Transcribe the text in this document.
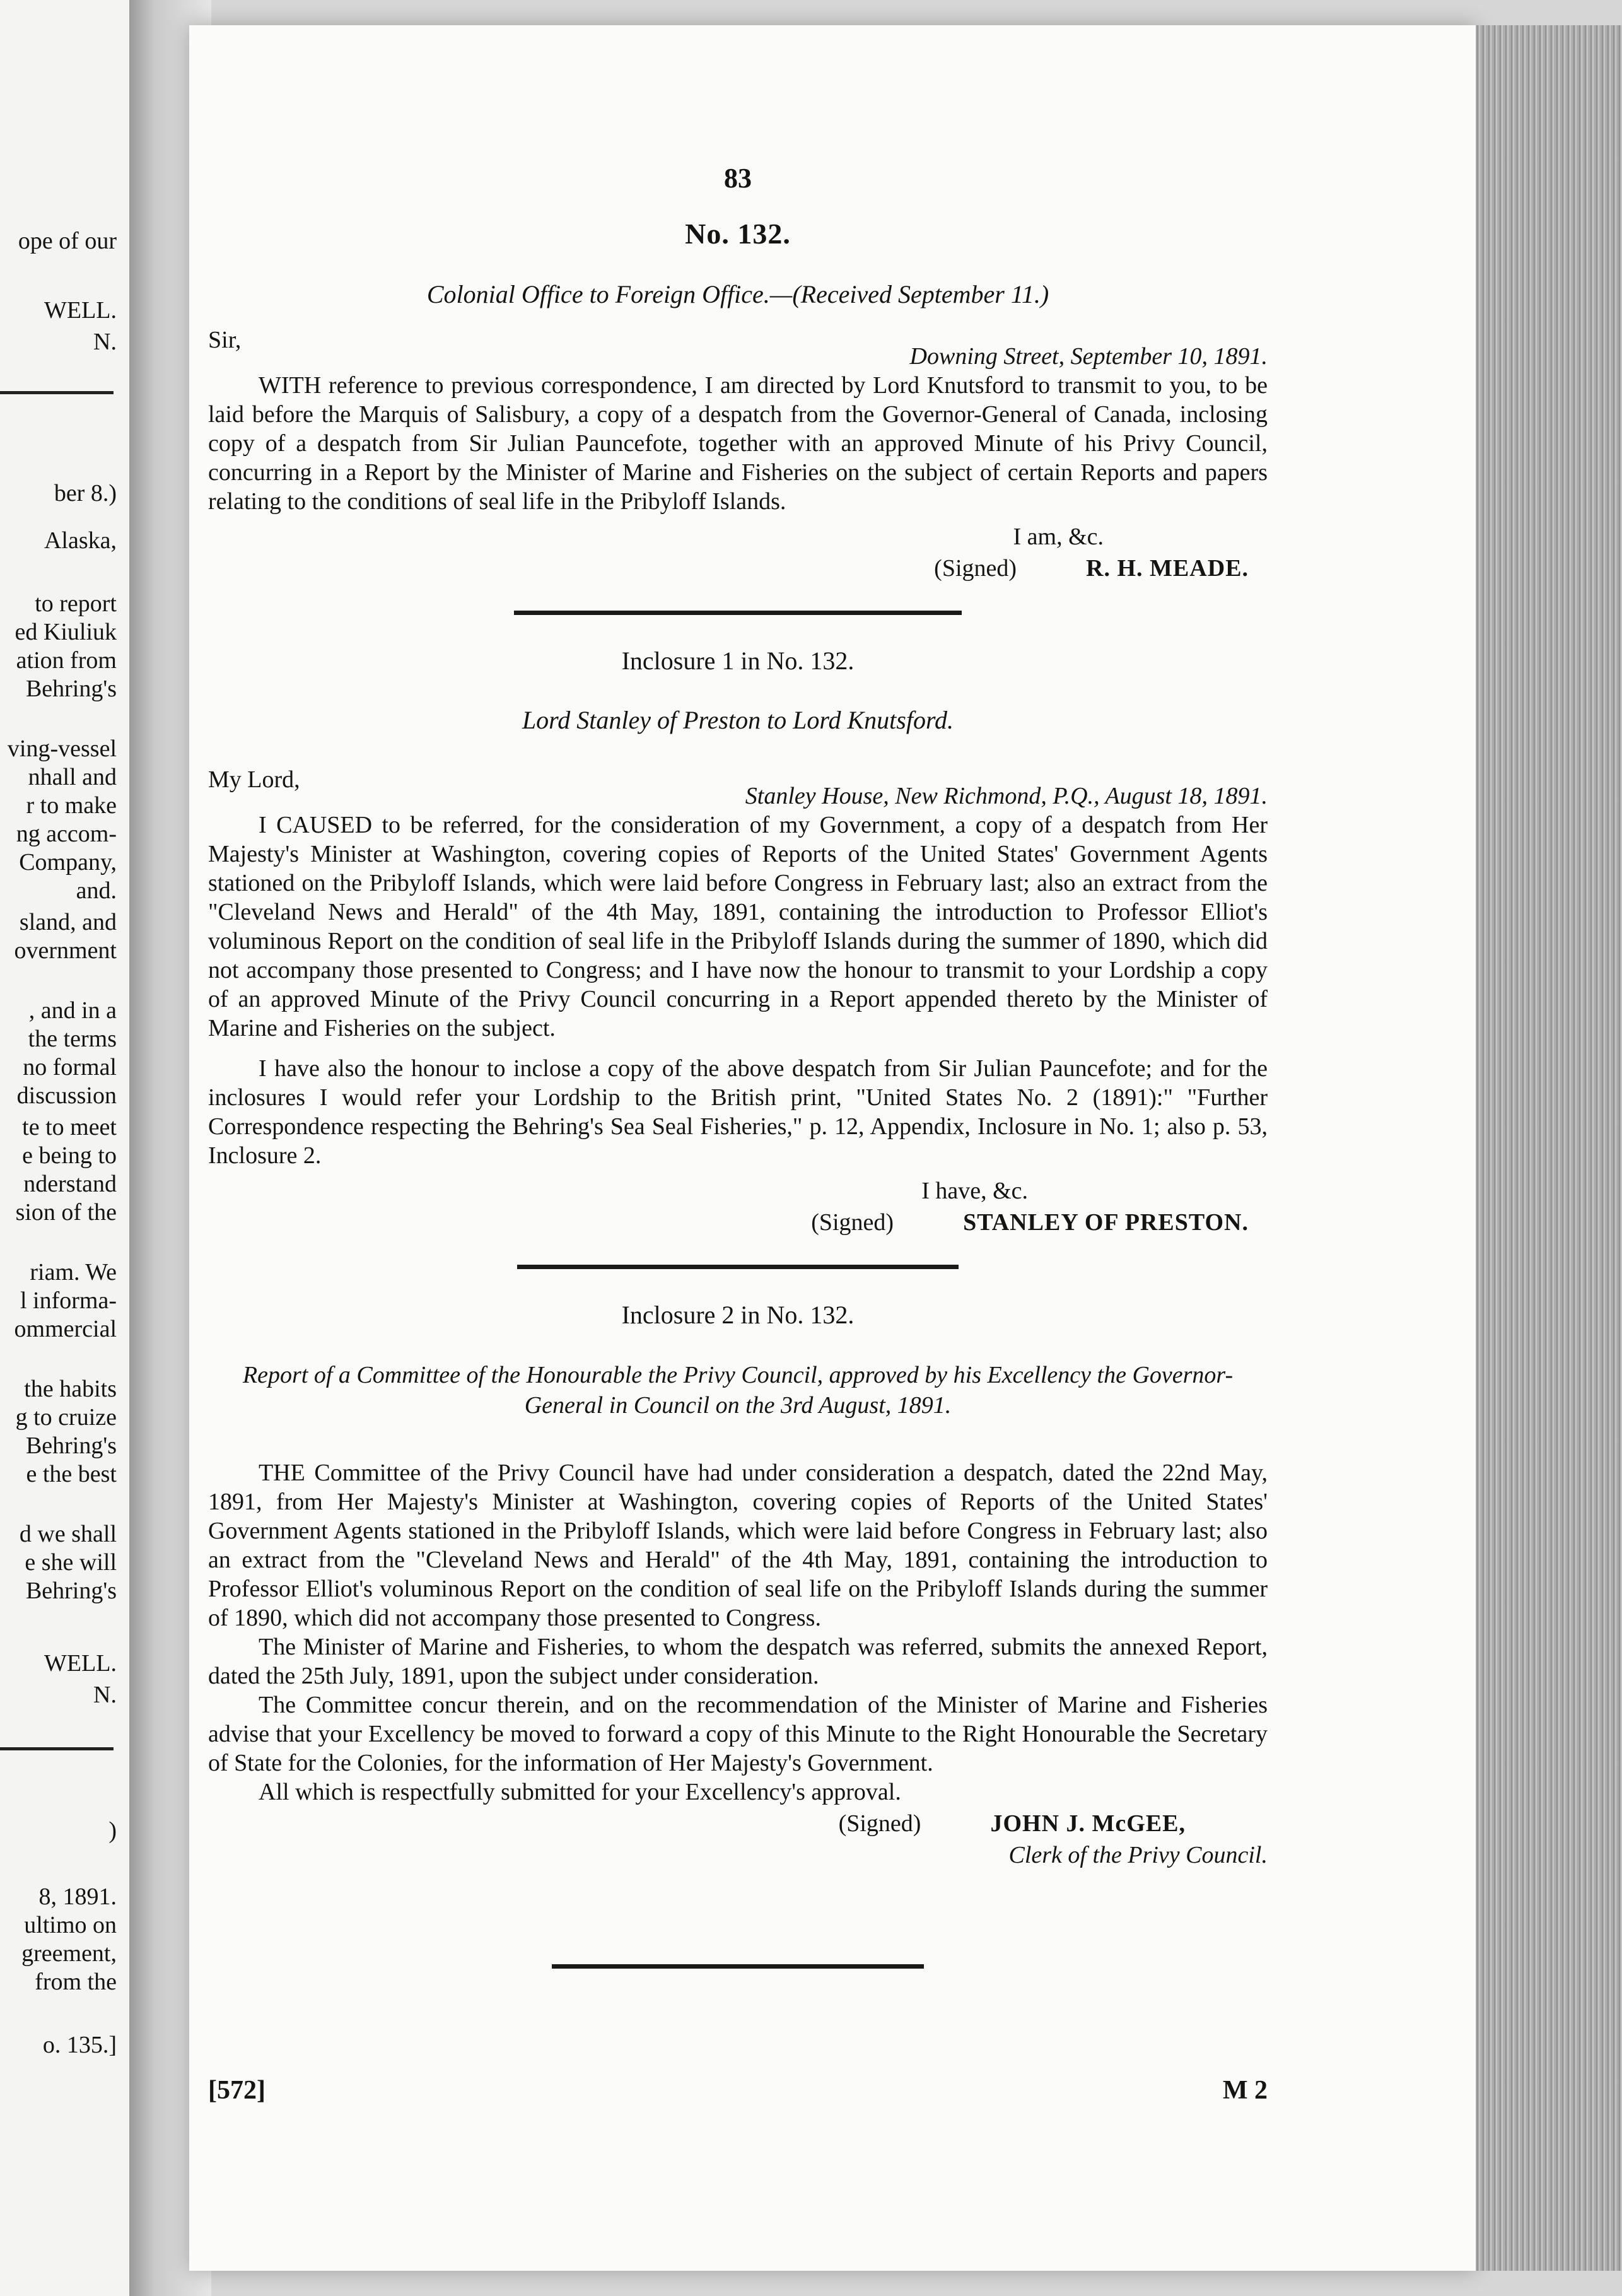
ope of our
WELL.
N.
ber 8.)
Alaska,
to report
ed Kiuliuk
ation from
Behring's
ving-vessel
nhall and
r to make
ng accom-
Company,
and.
sland, and
overnment
, and in a
the terms
no formal
discussion
te to meet
e being to
nderstand
sion of the
riam. We
l informa-
ommercial
the habits
g to cruize
Behring's
e the best
d we shall
e she will
Behring's
WELL.
N.
)
8, 1891.
ultimo on
greement,
from the
o. 135.]
83
No. 132.
Colonial Office to Foreign Office.—(Received September 11.)
Sir,
Downing Street, September 10, 1891.

WITH reference to previous correspondence, I am directed by Lord Knutsford to transmit to you, to be laid before the Marquis of Salisbury, a copy of a despatch from the Governor-General of Canada, inclosing copy of a despatch from Sir Julian Pauncefote, together with an approved Minute of his Privy Council, concurring in a Report by the Minister of Marine and Fisheries on the subject of certain Reports and papers relating to the conditions of seal life in the Pribyloff Islands.

I am, &c.
(Signed)	R. H. MEADE.
Inclosure 1 in No. 132.
Lord Stanley of Preston to Lord Knutsford.
My Lord,
Stanley House, New Richmond, P.Q., August 18, 1891.

I CAUSED to be referred, for the consideration of my Government, a copy of a despatch from Her Majesty's Minister at Washington, covering copies of Reports of the United States' Government Agents stationed on the Pribyloff Islands, which were laid before Congress in February last; also an extract from the "Cleveland News and Herald" of the 4th May, 1891, containing the introduction to Professor Elliot's voluminous Report on the condition of seal life in the Pribyloff Islands during the summer of 1890, which did not accompany those presented to Congress; and I have now the honour to transmit to your Lordship a copy of an approved Minute of the Privy Council concurring in a Report appended thereto by the Minister of Marine and Fisheries on the subject.

I have also the honour to inclose a copy of the above despatch from Sir Julian Pauncefote; and for the inclosures I would refer your Lordship to the British print, "United States No. 2 (1891):" "Further Correspondence respecting the Behring's Sea Seal Fisheries," p. 12, Appendix, Inclosure in No. 1; also p. 53, Inclosure 2.

I have, &c.
(Signed)	STANLEY OF PRESTON.
Inclosure 2 in No. 132.
Report of a Committee of the Honourable the Privy Council, approved by his Excellency the Governor-General in Council on the 3rd August, 1891.

THE Committee of the Privy Council have had under consideration a despatch, dated the 22nd May, 1891, from Her Majesty's Minister at Washington, covering copies of Reports of the United States' Government Agents stationed in the Pribyloff Islands, which were laid before Congress in February last; also an extract from the "Cleveland News and Herald" of the 4th May, 1891, containing the introduction to Professor Elliot's voluminous Report on the condition of seal life on the Pribyloff Islands during the summer of 1890, which did not accompany those presented to Congress.

The Minister of Marine and Fisheries, to whom the despatch was referred, submits the annexed Report, dated the 25th July, 1891, upon the subject under consideration.

The Committee concur therein, and on the recommendation of the Minister of Marine and Fisheries advise that your Excellency be moved to forward a copy of this Minute to the Right Honourable the Secretary of State for the Colonies, for the information of Her Majesty's Government.

All which is respectfully submitted for your Excellency's approval.

(Signed)	JOHN J. McGEE,
Clerk of the Privy Council.
[572]	M 2
